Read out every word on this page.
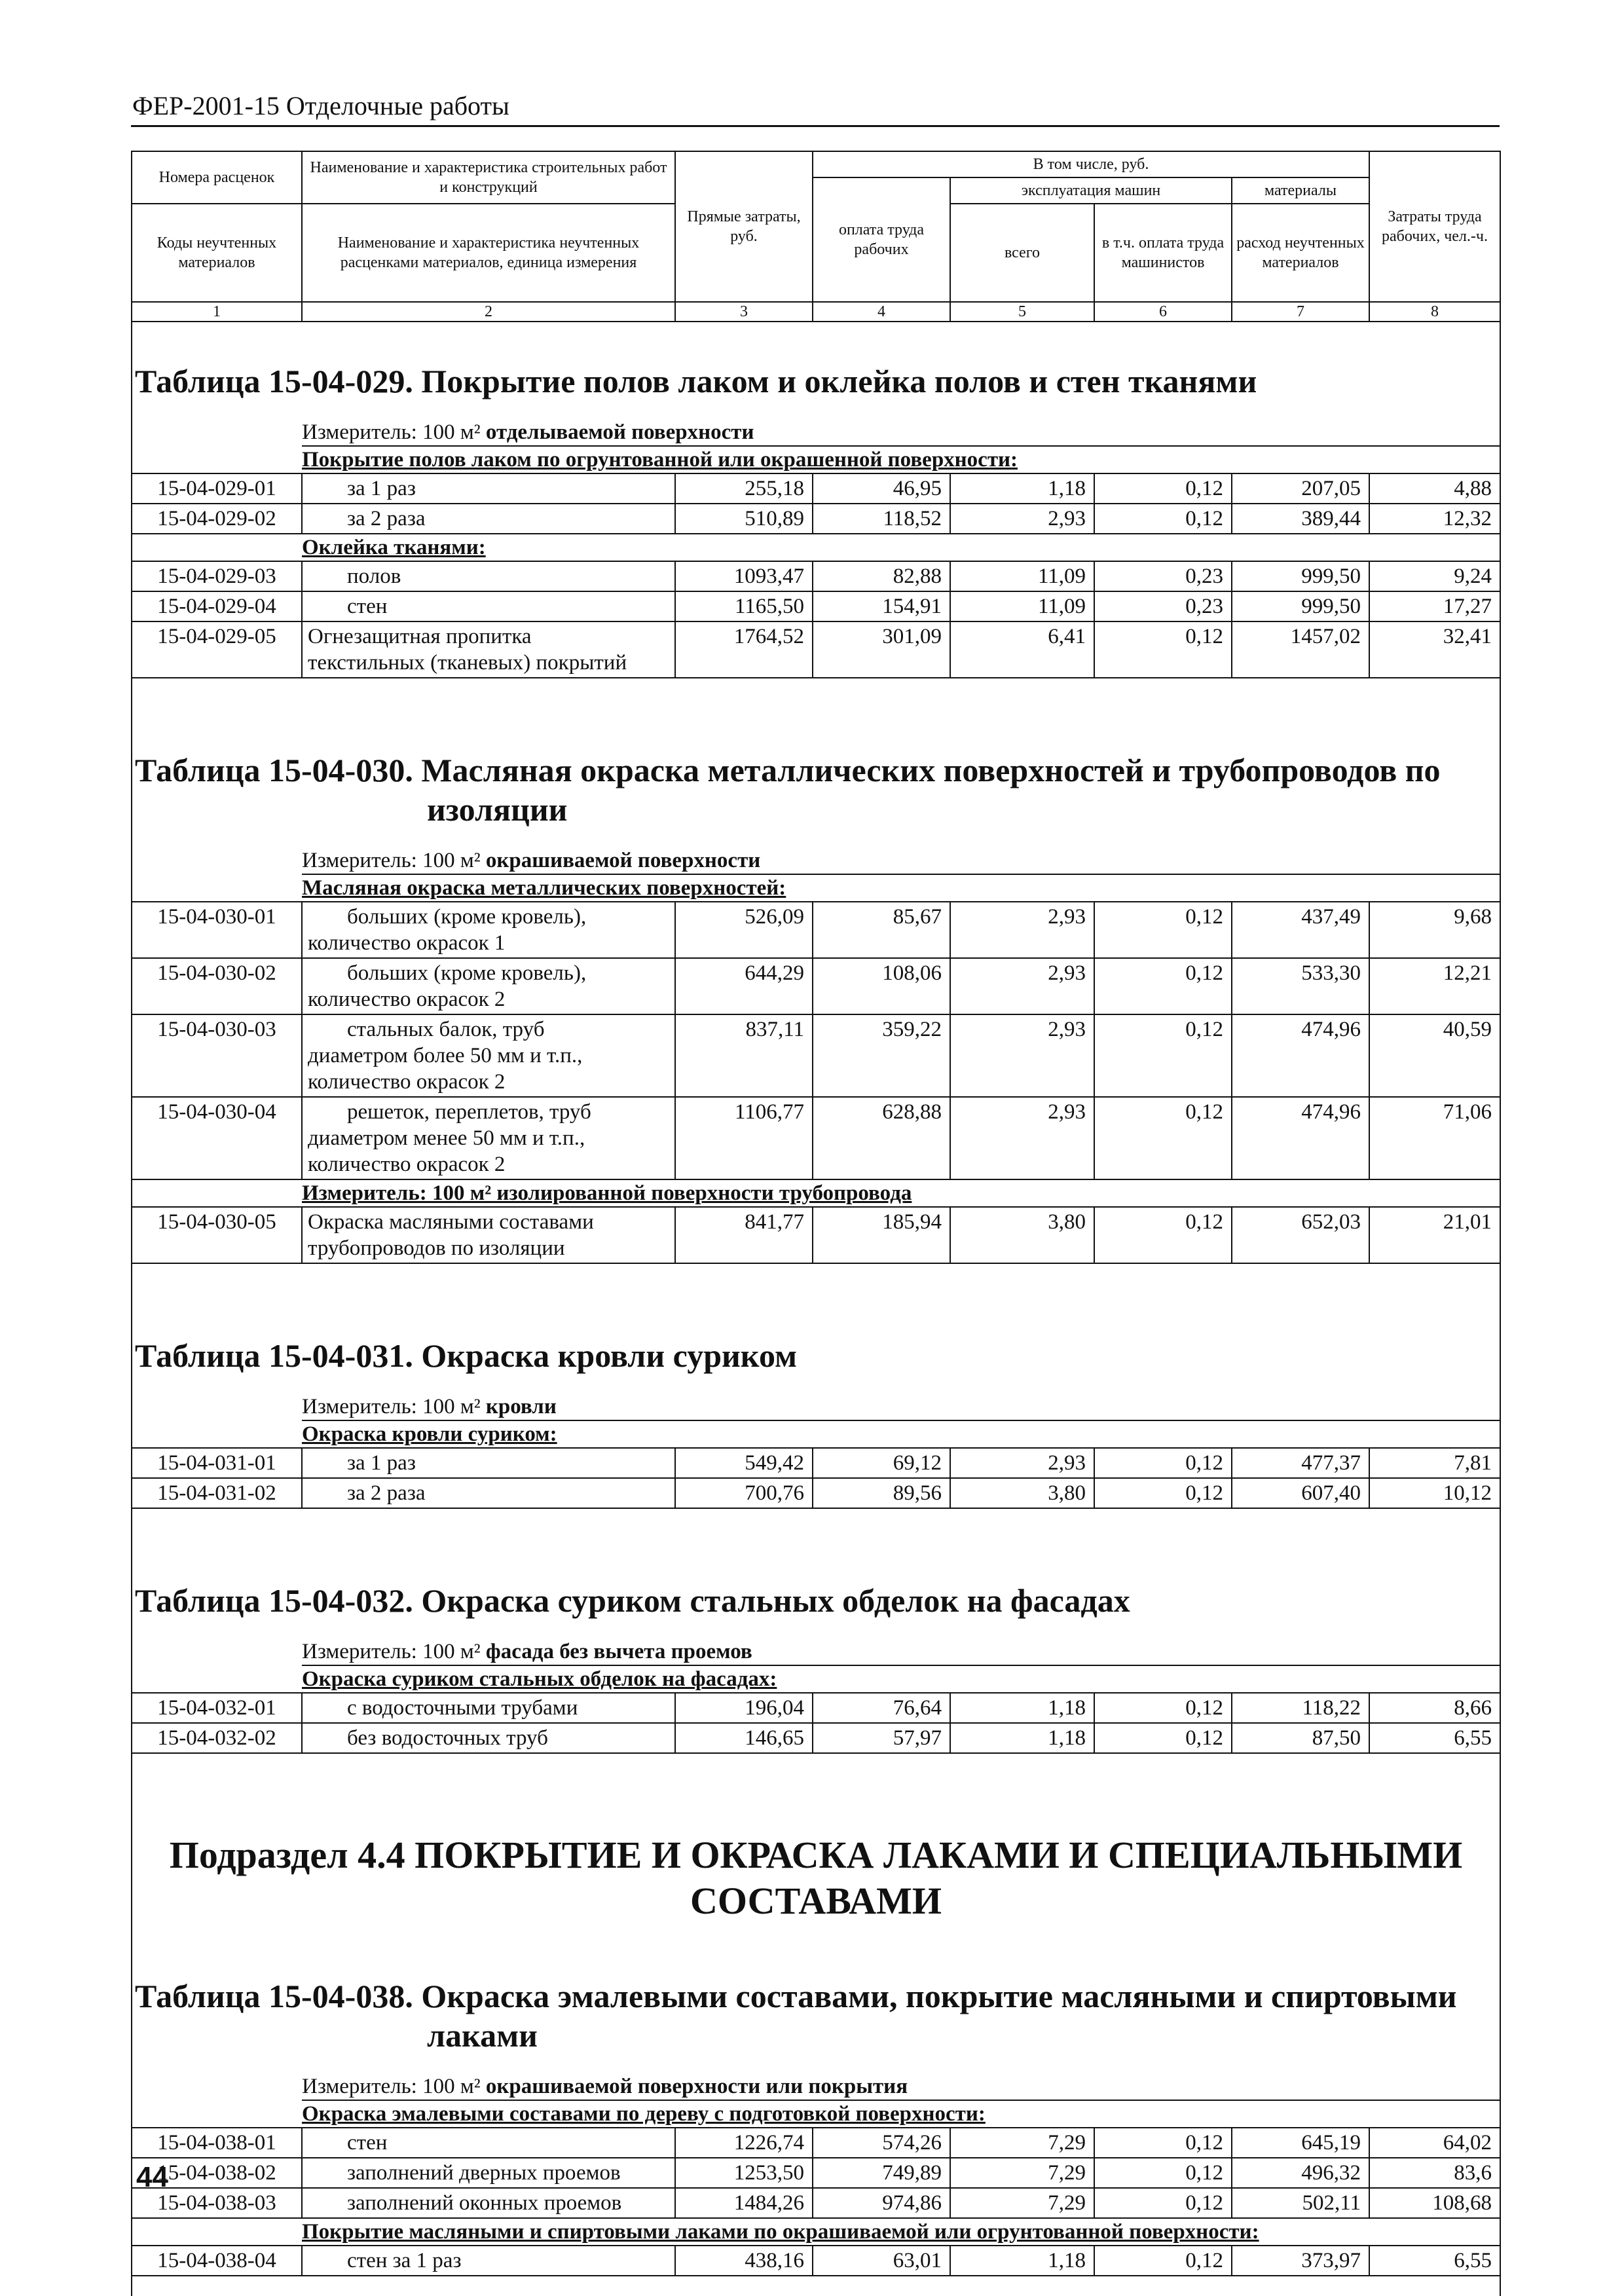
ФЕР-2001-15 Отделочные работы
Номера расценок	Наименование и характеристика строительных работ и конструкций	Прямые затраты, руб.	В том числе, руб.				Затраты труда рабочих, чел.-ч.
			оплата труда рабочих	эксплуатация машин		материалы	
Коды неучтенных материалов	Наименование и характеристика неучтенных расценками материалов, единица измерения			всего	в т.ч. оплата труда машинистов	расход неучтенных материалов	
1	2	3	4	5	6	7	8
Таблица 15-04-029. Покрытие полов лаком и оклейка полов и стен тканями							
	Измеритель: 100 м² отделываемой поверхности						
	Покрытие полов лаком по огрунтованной или окрашенной поверхности:						
15-04-029-01	за 1 раз	255,18	46,95	1,18	0,12	207,05	4,88
15-04-029-02	за 2 раза	510,89	118,52	2,93	0,12	389,44	12,32
	Оклейка тканями:						
15-04-029-03	полов	1093,47	82,88	11,09	0,23	999,50	9,24
15-04-029-04	стен	1165,50	154,91	11,09	0,23	999,50	17,27
15-04-029-05	Огнезащитная пропитка
текстильных (тканевых) покрытий	1764,52	301,09	6,41	0,12	1457,02	32,41

Таблица 15-04-030. Масляная окраска металлических поверхностей и трубопроводов по
изоляции							

	Измеритель: 100 м² окрашиваемой поверхности						
	Масляная окраска металлических поверхностей:						
15-04-030-01	больших (кроме кровель),
количество окрасок 1	526,09	85,67	2,93	0,12	437,49	9,68
15-04-030-02	больших (кроме кровель),
количество окрасок 2	644,29	108,06	2,93	0,12	533,30	12,21
15-04-030-03	стальных балок, труб
диаметром более 50 мм и т.п.,
количество окрасок 2	837,11	359,22	2,93	0,12	474,96	40,59
15-04-030-04	решеток, переплетов, труб
диаметром менее 50 мм и т.п.,
количество окрасок 2	1106,77	628,88	2,93	0,12	474,96	71,06
	Измеритель: 100 м² изолированной поверхности трубопровода						
15-04-030-05	Окраска масляными составами
трубопроводов по изоляции	841,77	185,94	3,80	0,12	652,03	21,01

Таблица 15-04-031. Окраска кровли суриком							
	Измеритель: 100 м² кровли						
	Окраска кровли суриком:						
15-04-031-01	за 1 раз	549,42	69,12	2,93	0,12	477,37	7,81
15-04-031-02	за 2 раза	700,76	89,56	3,80	0,12	607,40	10,12

Таблица 15-04-032. Окраска суриком стальных обделок на фасадах							
	Измеритель: 100 м² фасада без вычета проемов						
	Окраска суриком стальных обделок на фасадах:						
15-04-032-01	с водосточными трубами	196,04	76,64	1,18	0,12	118,22	8,66
15-04-032-02	без водосточных труб	146,65	57,97	1,18	0,12	87,50	6,55

Подраздел 4.4 ПОКРЫТИЕ И ОКРАСКА ЛАКАМИ И СПЕЦИАЛЬНЫМИ СОСТАВАМИ							
Таблица 15-04-038. Окраска эмалевыми составами, покрытие масляными и спиртовыми
лаками							

	Измеритель: 100 м² окрашиваемой поверхности или покрытия						
	Окраска эмалевыми составами по дереву с подготовкой поверхности:						
15-04-038-01	стен	1226,74	574,26	7,29	0,12	645,19	64,02
15-04-038-02	заполнений дверных проемов	1253,50	749,89	7,29	0,12	496,32	83,6
15-04-038-03	заполнений оконных проемов	1484,26	974,86	7,29	0,12	502,11	108,68
	Покрытие масляными и спиртовыми лаками по окрашиваемой или огрунтованной поверхности:						
15-04-038-04	стен за 1 раз	438,16	63,01	1,18	0,12	373,97	6,55

44
